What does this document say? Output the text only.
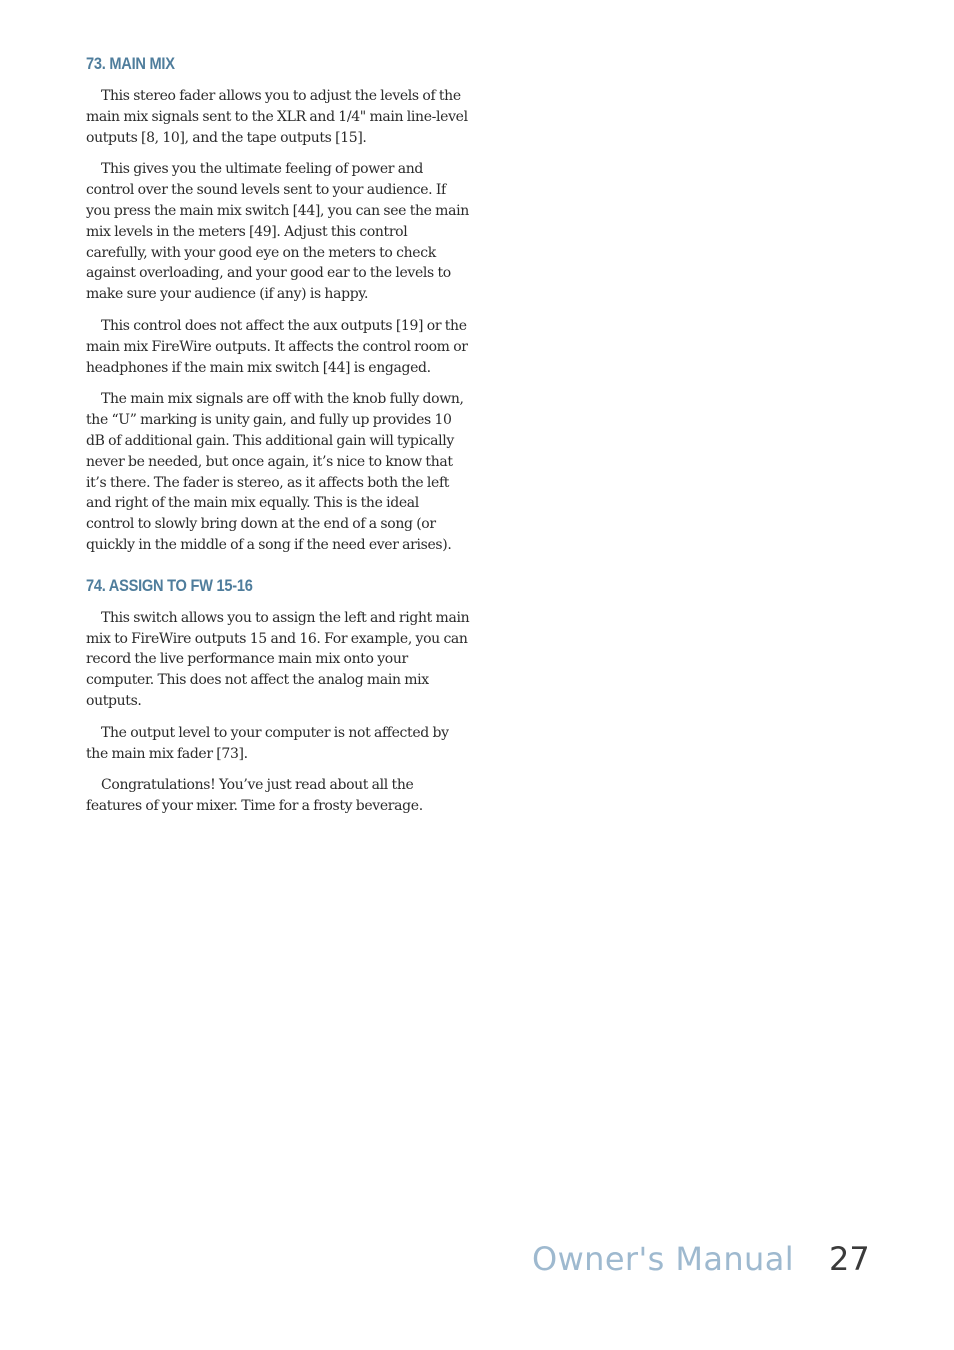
73. MAIN MIX

This stereo fader allows you to adjust the levels of the main mix signals sent to the XLR and 1/4" main line-level outputs [8, 10], and the tape outputs [15].

This gives you the ultimate feeling of power and control over the sound levels sent to your audience. If you press the main mix switch [44], you can see the main mix levels in the meters [49]. Adjust this control carefully, with your good eye on the meters to check against overloading, and your good ear to the levels to make sure your audience (if any) is happy.

This control does not affect the aux outputs [19] or the main mix FireWire outputs. It affects the control room or headphones if the main mix switch [44] is engaged.

The main mix signals are off with the knob fully down, the “U” marking is unity gain, and fully up provides 10 dB of additional gain. This additional gain will typically never be needed, but once again, it’s nice to know that it’s there. The fader is stereo, as it affects both the left and right of the main mix equally. This is the ideal control to slowly bring down at the end of a song (or quickly in the middle of a song if the need ever arises).

74. ASSIGN TO FW 15-16

This switch allows you to assign the left and right main mix to FireWire outputs 15 and 16. For example, you can record the live performance main mix onto your computer. This does not affect the analog main mix outputs.

The output level to your computer is not affected by the main mix fader [73].

Congratulations! You’ve just read about all the features of your mixer. Time for a frosty beverage.

Owner's Manual 27
